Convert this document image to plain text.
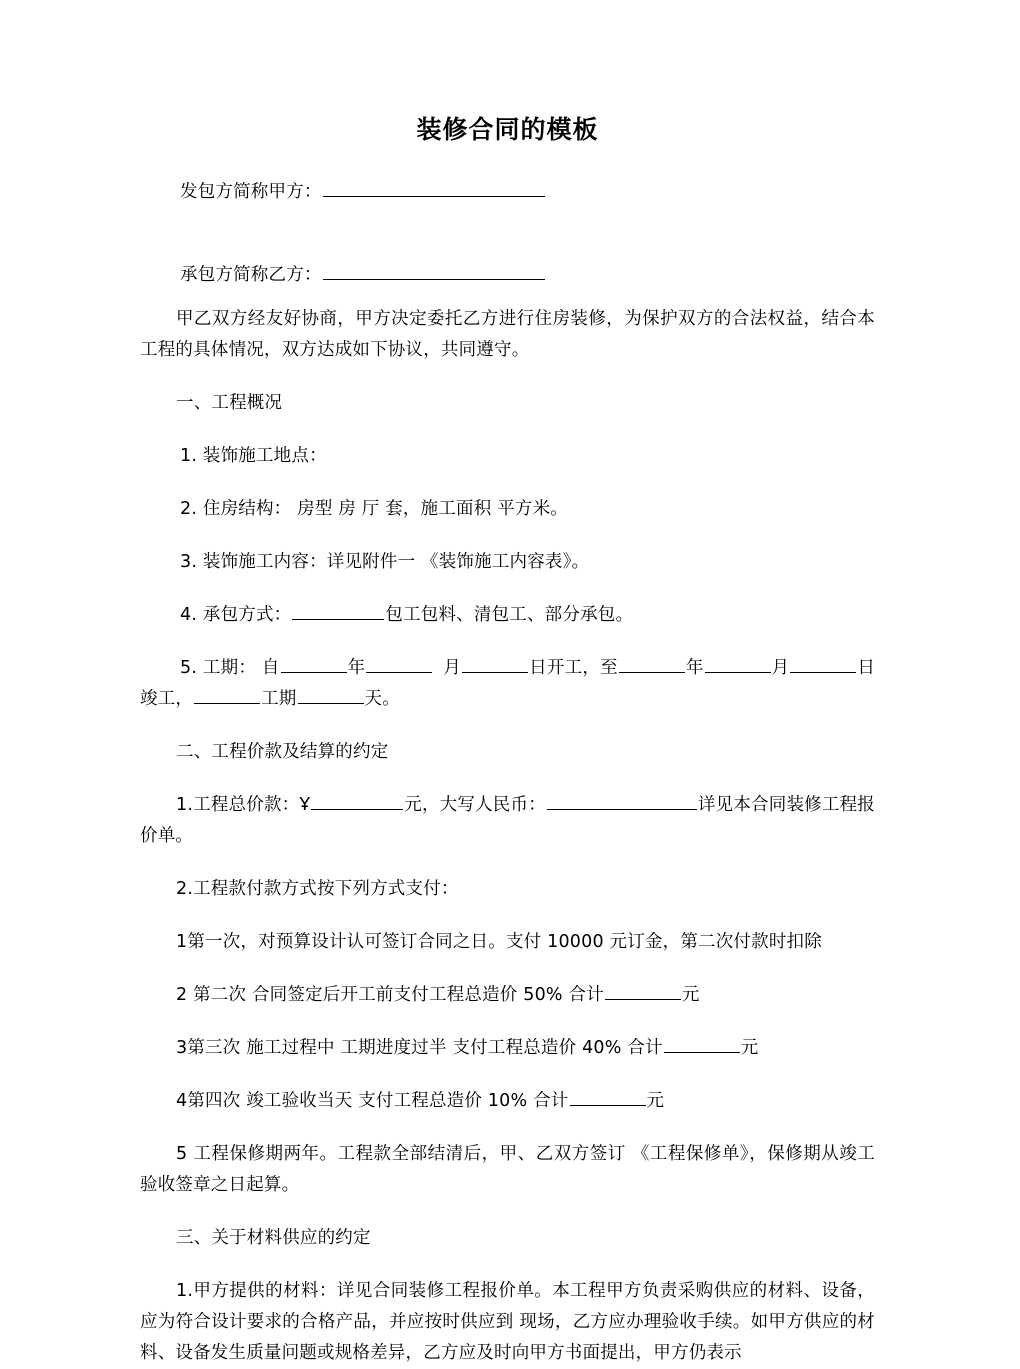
装修合同的模板

发包方简称甲方：

承包方简称乙方：

甲乙双方经友好协商，甲方决定委托乙方进行住房装修，为保护双方的合法权益，结合本工程的具体情况，双方达成如下协议，共同遵守。

一、工程概况

1. 装饰施工地点：

2. 住房结构： 房型 房 厅 套，施工面积 平方米。

3. 装饰施工内容：详见附件一 《装饰施工内容表》。

4. 承包方式：	包工包料、清包工、部分承包。

5. 工期： 自	年	月	日开工，至	年	月	日竣工，	工期	天。

二、工程价款及结算的约定

1.工程总价款：Ұ	元，大写人民币：	详见本合同装修工程报价单。

2.工程款付款方式按下列方式支付：

1第一次，对预算设计认可签订合同之日。支付 10000 元订金，第二次付款时扣除

2 第二次 合同签定后开工前支付工程总造价 50% 合计	元

3第三次 施工过程中 工期进度过半 支付工程总造价 40% 合计	元

4第四次 竣工验收当天 支付工程总造价 10% 合计	元

5 工程保修期两年。工程款全部结清后，甲、乙双方签订 《工程保修单》，保修期从竣工验收签章之日起算。

三、关于材料供应的约定

1.甲方提供的材料：详见合同装修工程报价单。本工程甲方负责采购供应的材料、设备，应为符合设计要求的合格产品，并应按时供应到 现场，乙方应办理验收手续。如甲方供应的材料、设备发生质量问题或规格差异，乙方应及时向甲方书面提出，甲方仍表示
